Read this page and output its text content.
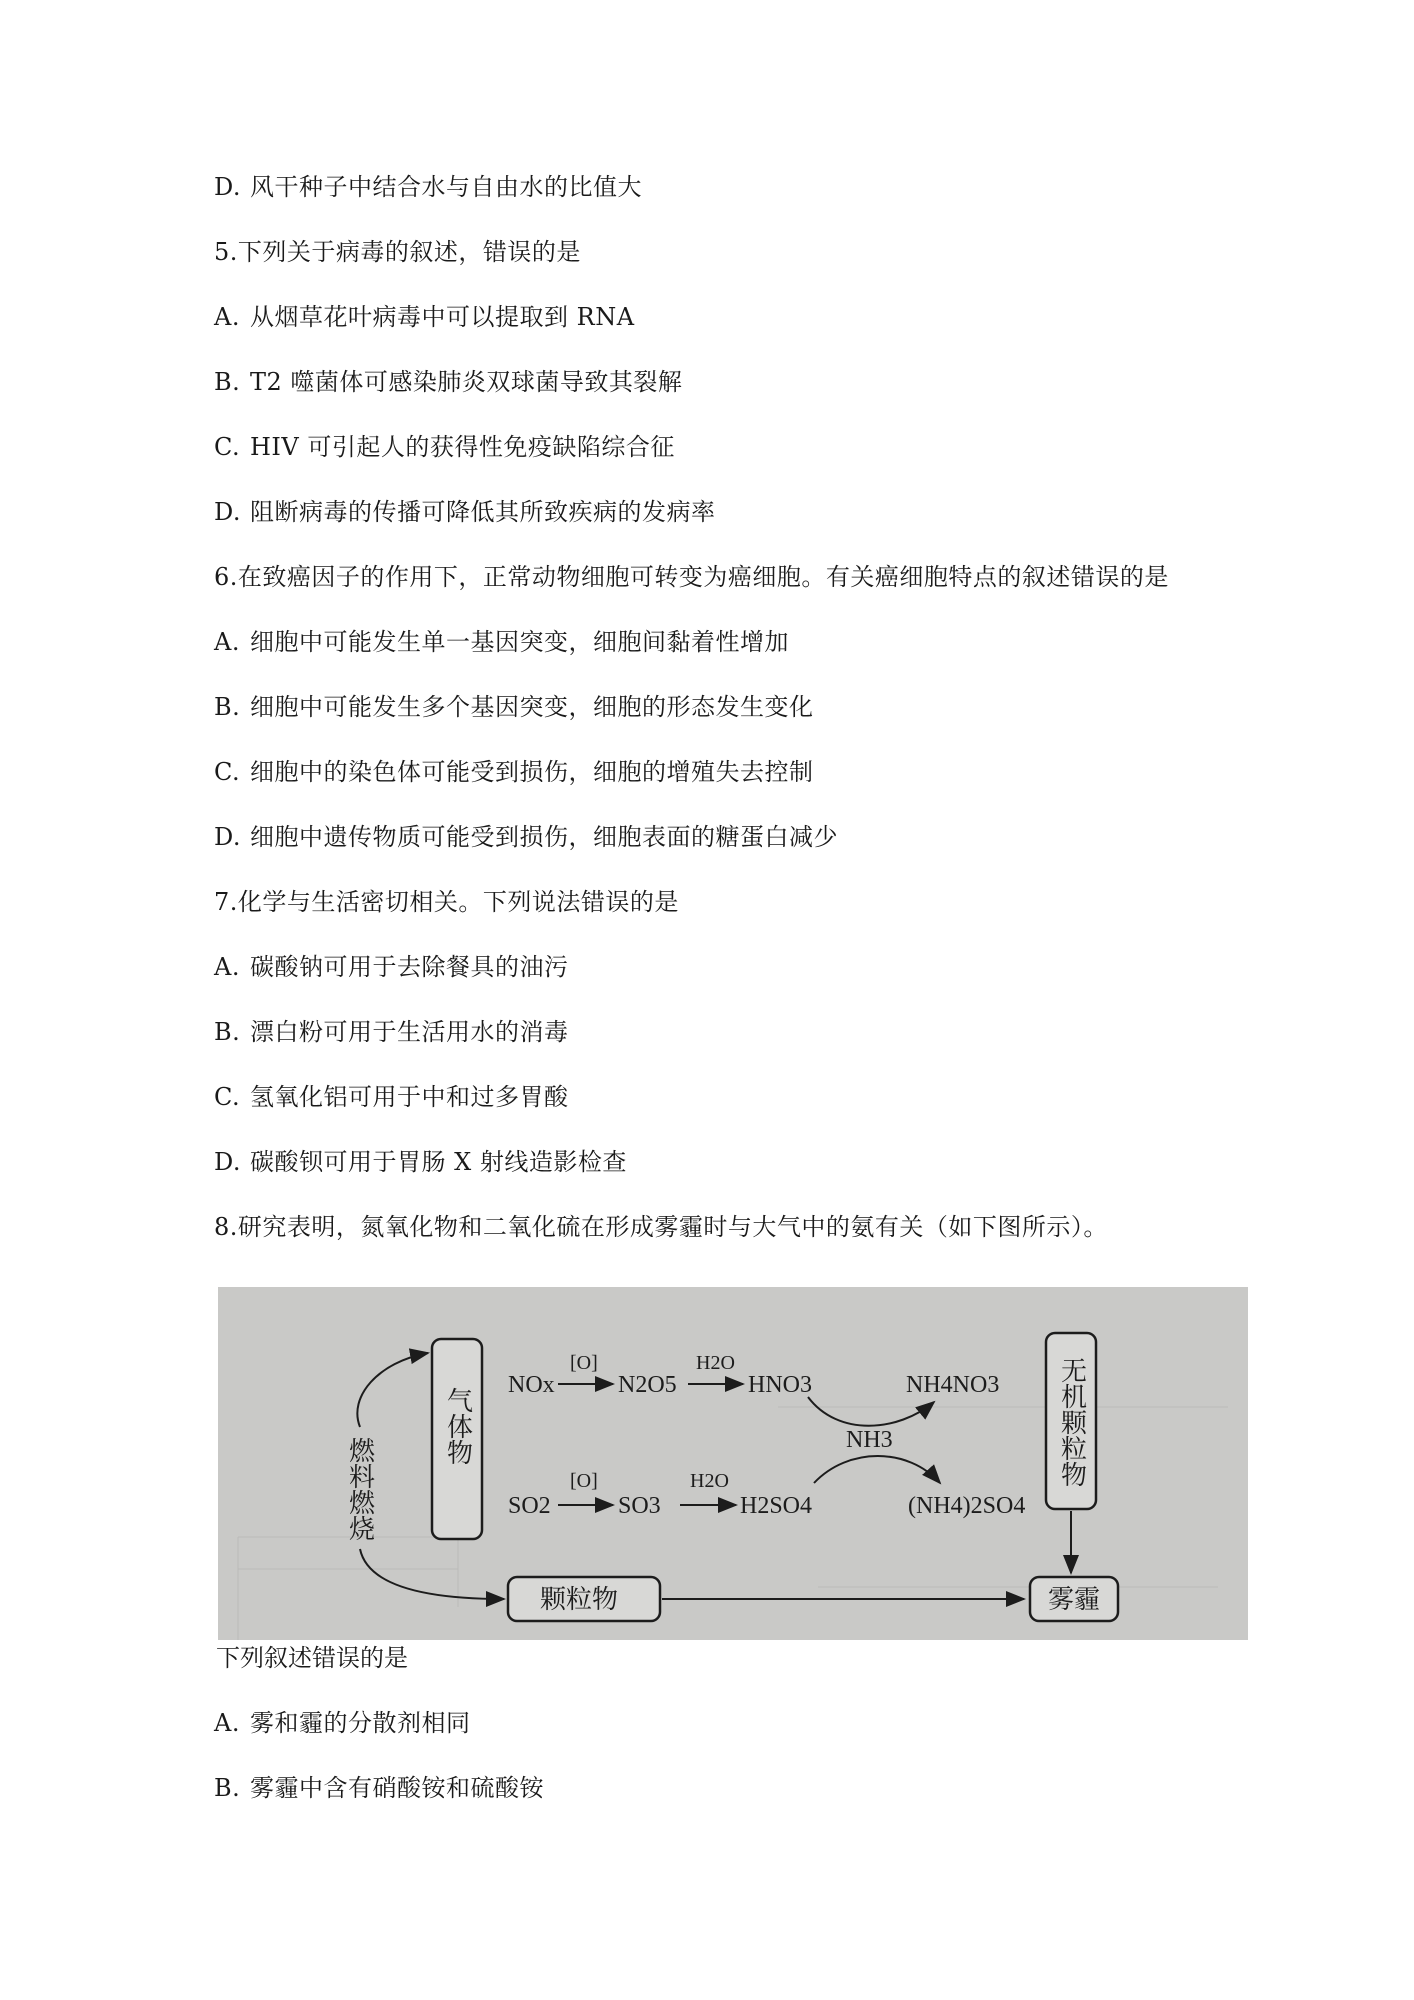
D. 风干种子中结合水与自由水的比值大
5.下列关于病毒的叙述，错误的是
A. 从烟草花叶病毒中可以提取到 RNA
B. T2 噬菌体可感染肺炎双球菌导致其裂解
C. HIV 可引起人的获得性免疫缺陷综合征
D. 阻断病毒的传播可降低其所致疾病的发病率
6.在致癌因子的作用下，正常动物细胞可转变为癌细胞。有关癌细胞特点的叙述错误的是
A. 细胞中可能发生单一基因突变，细胞间黏着性增加
B. 细胞中可能发生多个基因突变，细胞的形态发生变化
C. 细胞中的染色体可能受到损伤，细胞的增殖失去控制
D. 细胞中遗传物质可能受到损伤，细胞表面的糖蛋白减少
7.化学与生活密切相关。下列说法错误的是
A. 碳酸钠可用于去除餐具的油污
B. 漂白粉可用于生活用水的消毒
C. 氢氧化铝可用于中和过多胃酸
D. 碳酸钡可用于胃肠 X 射线造影检查
8.研究表明，氮氧化物和二氧化硫在形成雾霾时与大气中的氨有关（如下图所示）。
气体物	无机颗粒物
颗粒物	雾霾
燃料燃烧
NOx
[O]
N2O5
H2O
HNO3	NH4NO3
NH3
SO2
[O]
SO3
H2O
H2SO4	(NH4)2SO4
下列叙述错误的是
A. 雾和霾的分散剂相同
B. 雾霾中含有硝酸铵和硫酸铵
